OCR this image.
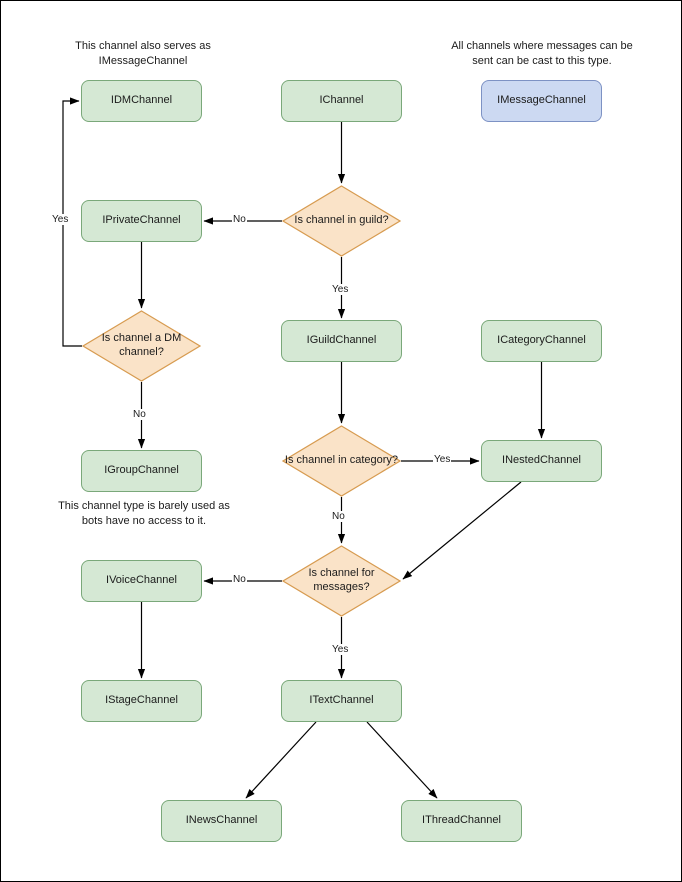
This channel also serves as IMessageChannel
All channels where messages can be sent can be cast to this type.
This channel type is barely used as bots have no access to it.
IDMChannel	IChannel	IMessageChannel
IPrivateChannel
IGuildChannel	ICategoryChannel
IGroupChannel
INestedChannel
IVoiceChannel
IStageChannel	ITextChannel
INewsChannel	IThreadChannel
Is channel in guild?
Is channel a DM channel?
Is channel in category?
Is channel for messages?
No
Yes
Yes
No
Yes
No
No
Yes
